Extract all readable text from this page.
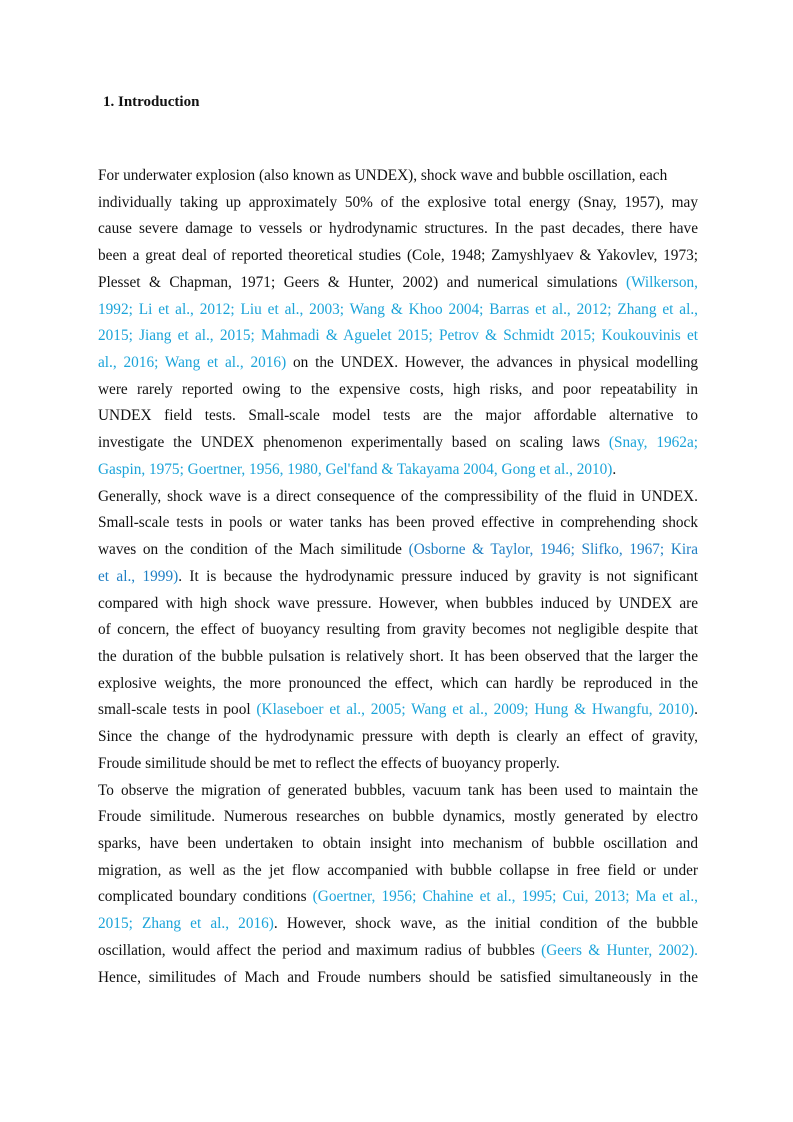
1. Introduction
For underwater explosion (also known as UNDEX), shock wave and bubble oscillation, each
individually taking up approximately 50% of the explosive total energy (Snay, 1957), may
cause severe damage to vessels or hydrodynamic structures. In the past decades, there have
been a great deal of reported theoretical studies (Cole, 1948; Zamyshlyaev & Yakovlev, 1973;
Plesset & Chapman, 1971; Geers & Hunter, 2002) and numerical simulations (Wilkerson,
1992; Li et al., 2012; Liu et al., 2003; Wang & Khoo 2004; Barras et al., 2012; Zhang et al.,
2015; Jiang et al., 2015; Mahmadi & Aguelet 2015; Petrov & Schmidt 2015; Koukouvinis et
al., 2016; Wang et al., 2016) on the UNDEX. However, the advances in physical modelling
were rarely reported owing to the expensive costs, high risks, and poor repeatability in
UNDEX field tests. Small-scale model tests are the major affordable alternative to
investigate the UNDEX phenomenon experimentally based on scaling laws (Snay, 1962a;
Gaspin, 1975; Goertner, 1956, 1980, Gel'fand & Takayama 2004, Gong et al., 2010).
Generally, shock wave is a direct consequence of the compressibility of the fluid in UNDEX.
Small-scale tests in pools or water tanks has been proved effective in comprehending shock
waves on the condition of the Mach similitude (Osborne & Taylor, 1946; Slifko, 1967; Kira
et al., 1999). It is because the hydrodynamic pressure induced by gravity is not significant
compared with high shock wave pressure. However, when bubbles induced by UNDEX are
of concern, the effect of buoyancy resulting from gravity becomes not negligible despite that
the duration of the bubble pulsation is relatively short. It has been observed that the larger the
explosive weights, the more pronounced the effect, which can hardly be reproduced in the
small-scale tests in pool (Klaseboer et al., 2005; Wang et al., 2009; Hung & Hwangfu, 2010).
Since the change of the hydrodynamic pressure with depth is clearly an effect of gravity,
Froude similitude should be met to reflect the effects of buoyancy properly.
To observe the migration of generated bubbles, vacuum tank has been used to maintain the
Froude similitude. Numerous researches on bubble dynamics, mostly generated by electro
sparks, have been undertaken to obtain insight into mechanism of bubble oscillation and
migration, as well as the jet flow accompanied with bubble collapse in free field or under
complicated boundary conditions (Goertner, 1956; Chahine et al., 1995; Cui, 2013; Ma et al.,
2015; Zhang et al., 2016). However, shock wave, as the initial condition of the bubble
oscillation, would affect the period and maximum radius of bubbles (Geers & Hunter, 2002).
Hence, similitudes of Mach and Froude numbers should be satisfied simultaneously in the
